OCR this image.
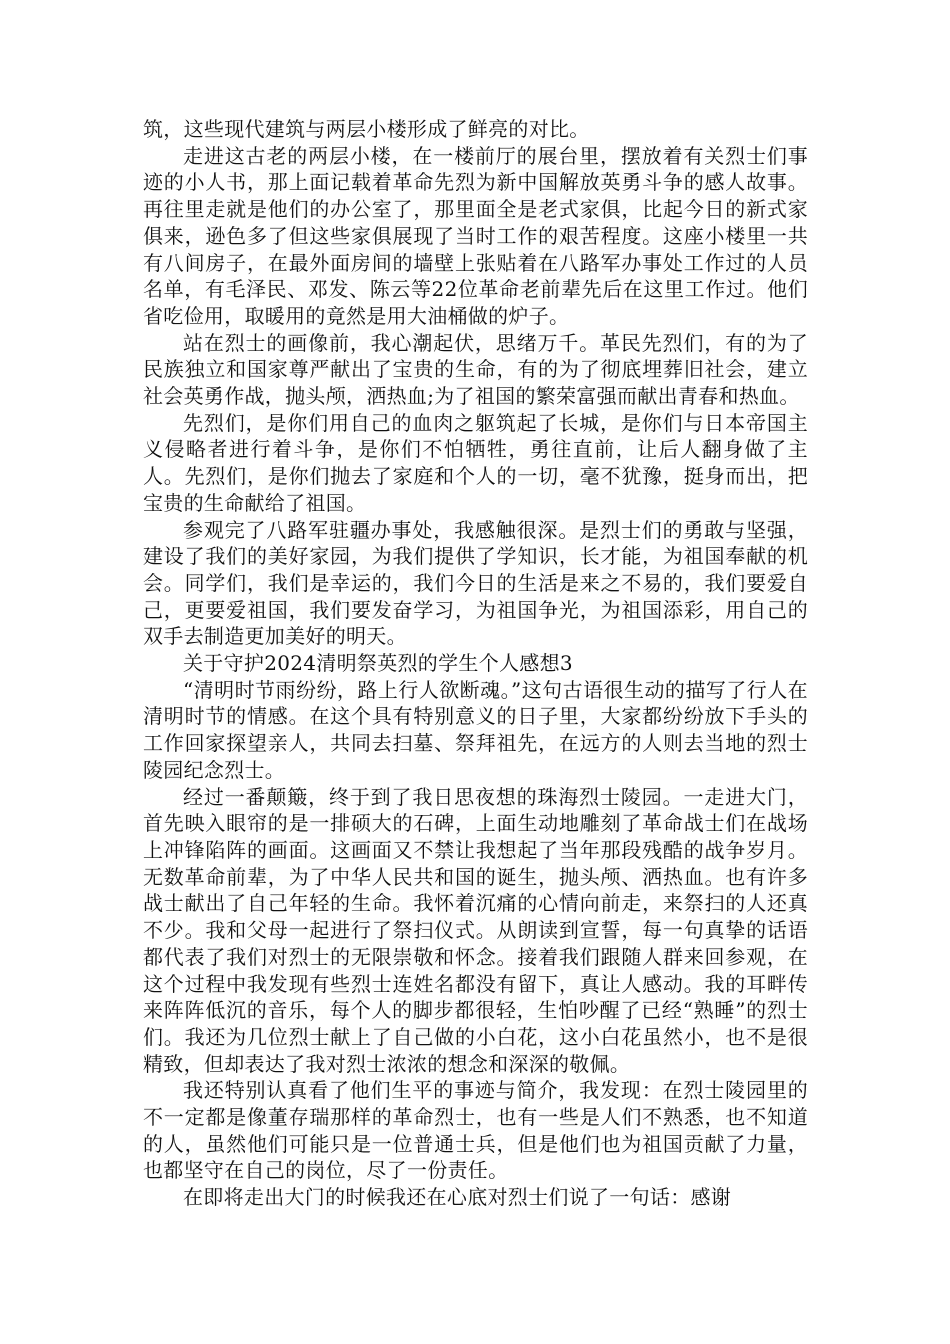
筑，这些现代建筑与两层小楼形成了鲜亮的对比。

走进这古老的两层小楼，在一楼前厅的展台里，摆放着有关烈士们事迹的小人书，那上面记载着革命先烈为新中国解放英勇斗争的感人故事。再往里走就是他们的办公室了，那里面全是老式家俱，比起今日的新式家俱来，逊色多了但这些家俱展现了当时工作的艰苦程度。这座小楼里一共有八间房子，在最外面房间的墙壁上张贴着在八路军办事处工作过的人员名单，有毛泽民、邓发、陈云等22位革命老前辈先后在这里工作过。他们省吃俭用，取暖用的竟然是用大油桶做的炉子。

站在烈士的画像前，我心潮起伏，思绪万千。革民先烈们，有的为了民族独立和国家尊严献出了宝贵的生命，有的为了彻底埋葬旧社会，建立社会英勇作战，抛头颅，洒热血;为了祖国的繁荣富强而献出青春和热血。

先烈们，是你们用自己的血肉之躯筑起了长城，是你们与日本帝国主义侵略者进行着斗争，是你们不怕牺牲，勇往直前，让后人翻身做了主人。先烈们，是你们抛去了家庭和个人的一切，毫不犹豫，挺身而出，把宝贵的生命献给了祖国。

参观完了八路军驻疆办事处，我感触很深。是烈士们的勇敢与坚强，建设了我们的美好家园，为我们提供了学知识，长才能，为祖国奉献的机会。同学们，我们是幸运的，我们今日的生活是来之不易的，我们要爱自己，更要爱祖国，我们要发奋学习，为祖国争光，为祖国添彩，用自己的双手去制造更加美好的明天。

关于守护2024清明祭英烈的学生个人感想3

“清明时节雨纷纷，路上行人欲断魂。”这句古语很生动的描写了行人在清明时节的情感。在这个具有特别意义的日子里，大家都纷纷放下手头的工作回家探望亲人，共同去扫墓、祭拜祖先，在远方的人则去当地的烈士陵园纪念烈士。

经过一番颠簸，终于到了我日思夜想的珠海烈士陵园。一走进大门，首先映入眼帘的是一排硕大的石碑，上面生动地雕刻了革命战士们在战场上冲锋陷阵的画面。这画面又不禁让我想起了当年那段残酷的战争岁月。无数革命前辈，为了中华人民共和国的诞生，抛头颅、洒热血。也有许多战士献出了自己年轻的生命。我怀着沉痛的心情向前走，来祭扫的人还真不少。我和父母一起进行了祭扫仪式。从朗读到宣誓，每一句真挚的话语都代表了我们对烈士的无限崇敬和怀念。接着我们跟随人群来回参观，在这个过程中我发现有些烈士连姓名都没有留下，真让人感动。我的耳畔传来阵阵低沉的音乐，每个人的脚步都很轻，生怕吵醒了已经“熟睡”的烈士们。我还为几位烈士献上了自己做的小白花，这小白花虽然小，也不是很精致，但却表达了我对烈士浓浓的想念和深深的敬佩。

我还特别认真看了他们生平的事迹与简介，我发现：在烈士陵园里的不一定都是像董存瑞那样的革命烈士，也有一些是人们不熟悉，也不知道的人，虽然他们可能只是一位普通士兵，但是他们也为祖国贡献了力量，也都坚守在自己的岗位，尽了一份责任。

在即将走出大门的时候我还在心底对烈士们说了一句话：感谢
